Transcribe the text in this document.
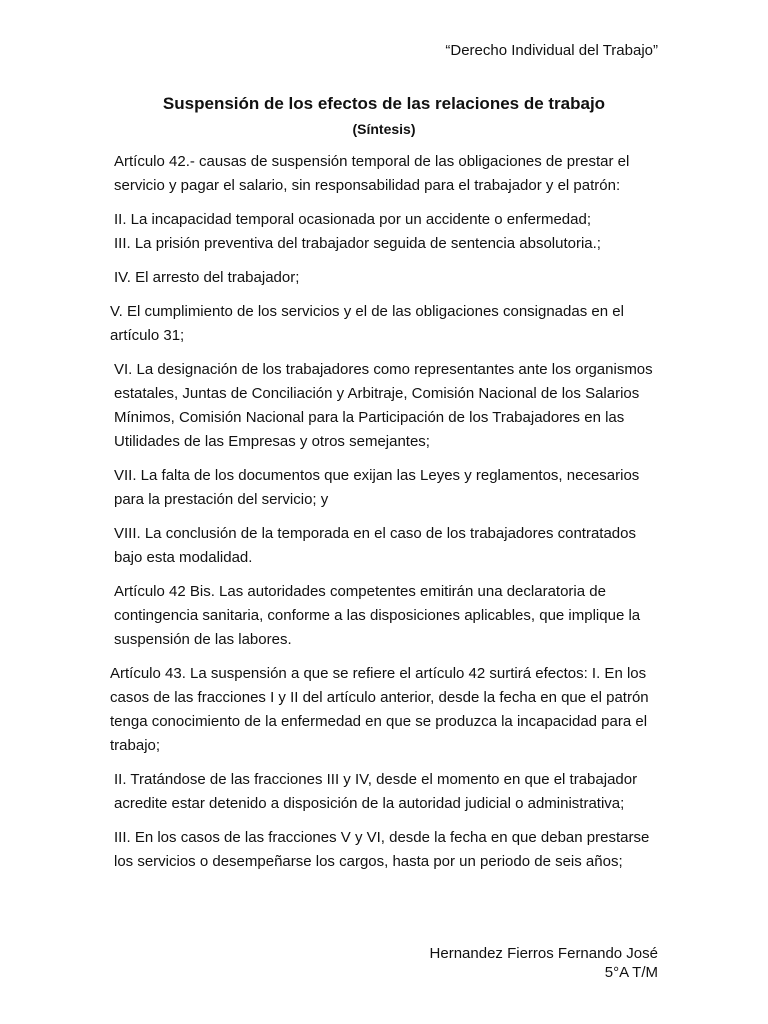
“Derecho Individual del Trabajo”
Suspensión de los efectos de las relaciones de trabajo
(Síntesis)

Artículo 42.- causas de suspensión temporal de las obligaciones de prestar el servicio y pagar el salario, sin responsabilidad para el trabajador y el patrón:

II. La incapacidad temporal ocasionada por un accidente o enfermedad;

III. La prisión preventiva del trabajador seguida de sentencia absolutoria.;

IV. El arresto del trabajador;

V. El cumplimiento de los servicios y el de las obligaciones consignadas en el artículo 31;

VI. La designación de los trabajadores como representantes ante los organismos estatales, Juntas de Conciliación y Arbitraje, Comisión Nacional de los Salarios Mínimos, Comisión Nacional para la Participación de los Trabajadores en las Utilidades de las Empresas y otros semejantes;

VII. La falta de los documentos que exijan las Leyes y reglamentos, necesarios para la prestación del servicio; y

VIII. La conclusión de la temporada en el caso de los trabajadores contratados bajo esta modalidad.

Artículo 42 Bis. Las autoridades competentes emitirán una declaratoria de contingencia sanitaria, conforme a las disposiciones aplicables, que implique la suspensión de las labores.

Artículo 43. La suspensión a que se refiere el artículo 42 surtirá efectos: I. En los casos de las fracciones I y II del artículo anterior, desde la fecha en que el patrón tenga conocimiento de la enfermedad en que se produzca la incapacidad para el trabajo;

II. Tratándose de las fracciones III y IV, desde el momento en que el trabajador acredite estar detenido a disposición de la autoridad judicial o administrativa;

III. En los casos de las fracciones V y VI, desde la fecha en que deban prestarse los servicios o desempeñarse los cargos, hasta por un periodo de seis años;

Hernandez Fierros Fernando José
5°A T/M
